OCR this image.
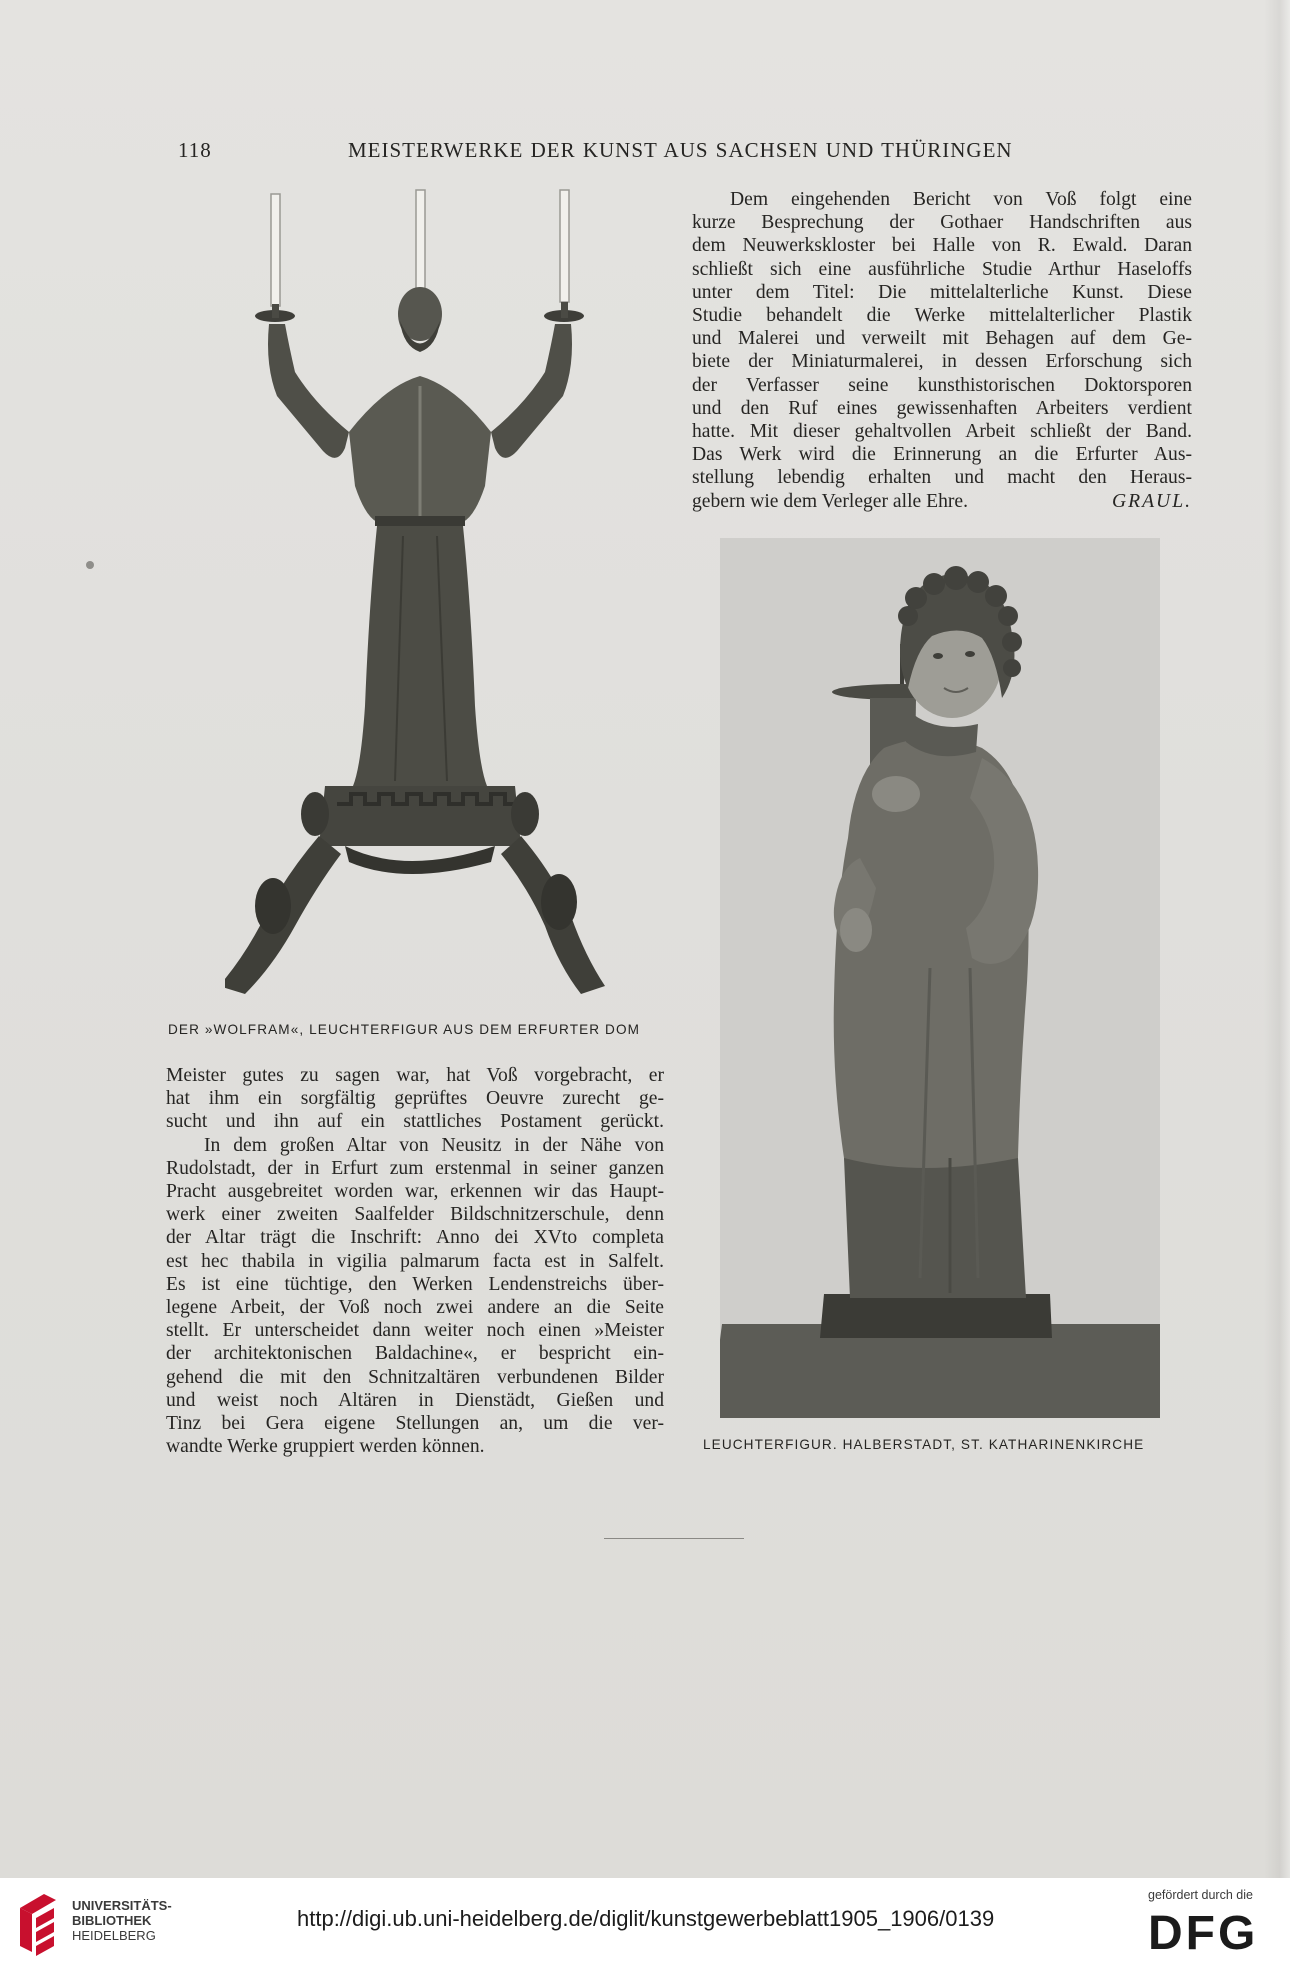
118	MEISTERWERKE DER KUNST AUS SACHSEN UND THÜRINGEN
DER »WOLFRAM«, LEUCHTERFIGUR AUS DEM ERFURTER DOM

Dem eingehenden Bericht von Voß folgt eine

kurze Besprechung der Gothaer Handschriften aus

dem Neuwerkskloster bei Halle von R. Ewald. Daran

schließt sich eine ausführliche Studie Arthur Haseloffs

unter dem Titel: Die mittelalterliche Kunst. Diese

Studie behandelt die Werke mittelalterlicher Plastik

und Malerei und verweilt mit Behagen auf dem Ge-

biete der Miniaturmalerei, in dessen Erforschung sich

der Verfasser seine kunsthistorischen Doktorsporen

und den Ruf eines gewissenhaften Arbeiters verdient

hatte. Mit dieser gehaltvollen Arbeit schließt der Band.

Das Werk wird die Erinnerung an die Erfurter Aus-

stellung lebendig erhalten und macht den Heraus-

gebern wie dem Verleger alle Ehre.	GRAUL.
LEUCHTERFIGUR. HALBERSTADT, ST. KATHARINENKIRCHE

Meister gutes zu sagen war, hat Voß vorgebracht, er

hat ihm ein sorgfältig geprüftes Oeuvre zurecht ge-

sucht und ihn auf ein stattliches Postament gerückt.

In dem großen Altar von Neusitz in der Nähe von

Rudolstadt, der in Erfurt zum erstenmal in seiner ganzen

Pracht ausgebreitet worden war, erkennen wir das Haupt-

werk einer zweiten Saalfelder Bildschnitzerschule, denn

der Altar trägt die Inschrift: Anno dei XVto completa

est hec thabila in vigilia palmarum facta est in Salfelt.

Es ist eine tüchtige, den Werken Lendenstreichs über-

legene Arbeit, der Voß noch zwei andere an die Seite

stellt. Er unterscheidet dann weiter noch einen »Meister

der architektonischen Baldachine«, er bespricht ein-

gehend die mit den Schnitzaltären verbundenen Bilder

und weist noch Altären in Dienstädt, Gießen und

Tinz bei Gera eigene Stellungen an, um die ver-

wandte Werke gruppiert werden können.

UNIVERSITÄTS-
BIBLIOTHEK
HEIDELBERG
http://digi.ub.uni-heidelberg.de/diglit/kunstgewerbeblatt1905_1906/0139
gefördert durch die
DFG
